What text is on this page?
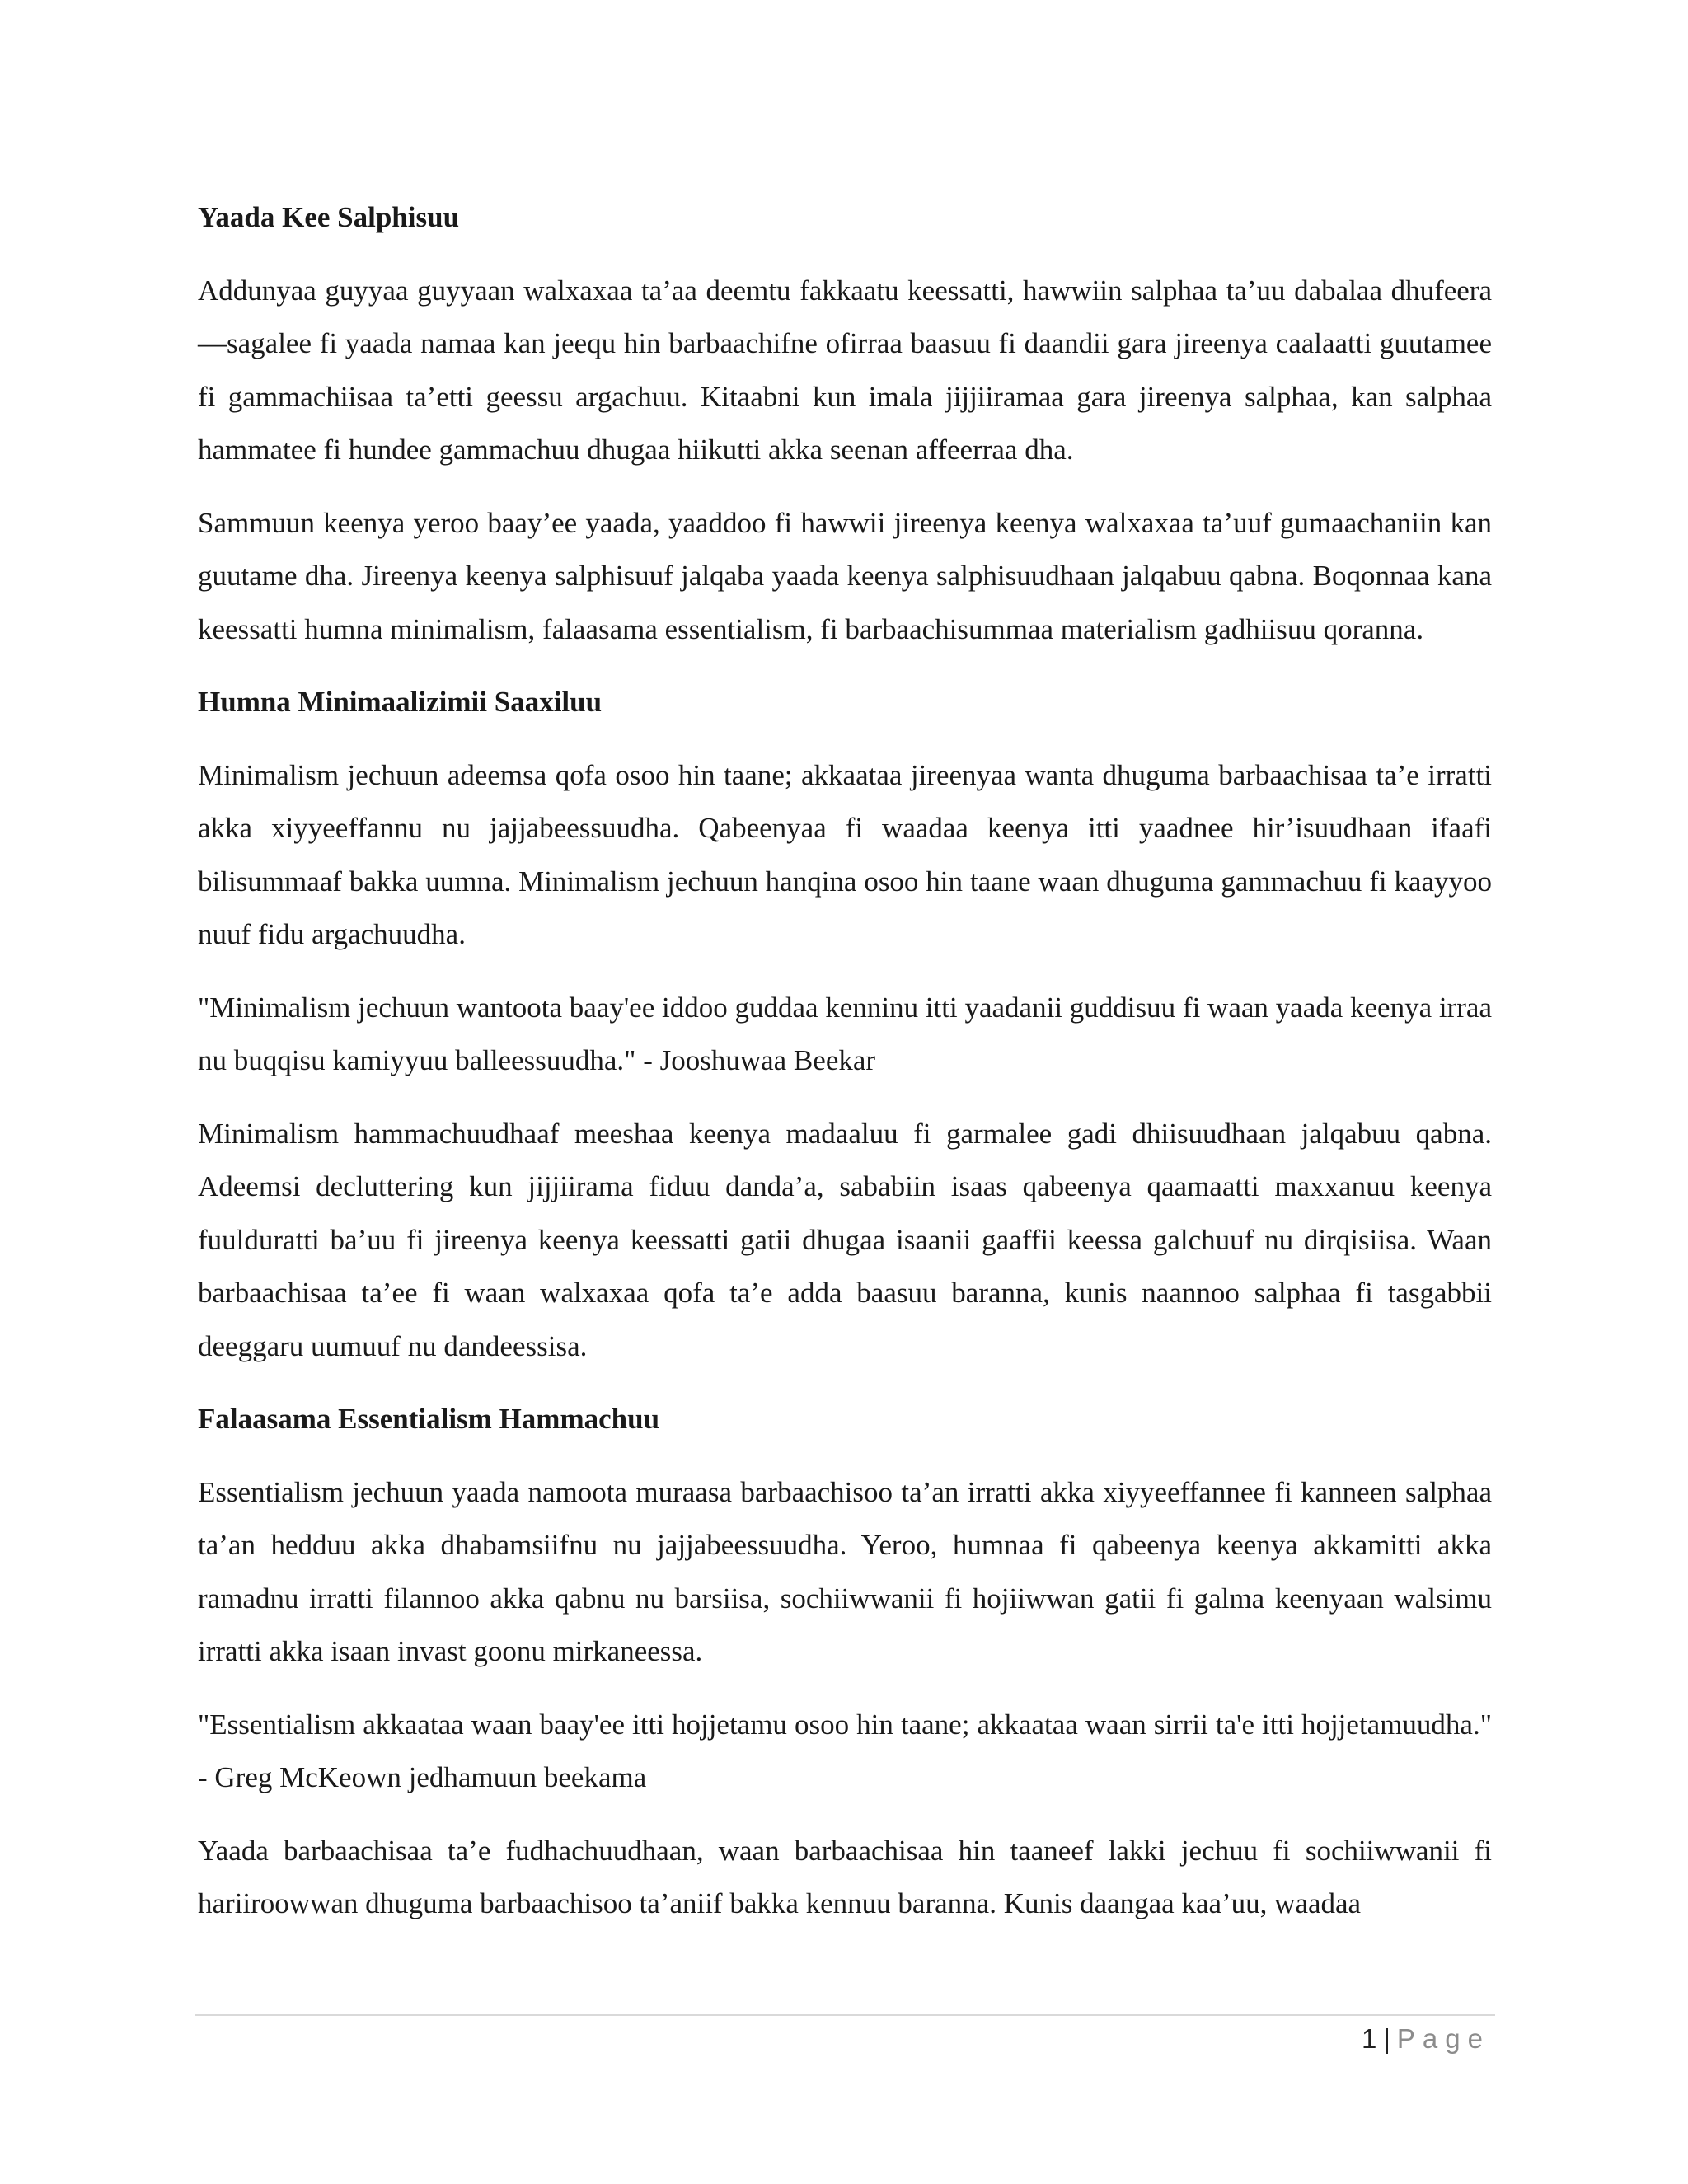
Yaada Kee Salphisuu

Addunyaa guyyaa guyyaan walxaxaa ta’aa deemtu fakkaatu keessatti, hawwiin salphaa ta’uu dabalaa dhufeera—sagalee fi yaada namaa kan jeequ hin barbaachifne ofirraa baasuu fi daandii gara jireenya caalaatti guutamee fi gammachiisaa ta’etti geessu argachuu. Kitaabni kun imala jijjiiramaa gara jireenya salphaa, kan salphaa hammatee fi hundee gammachuu dhugaa hiikutti akka seenan affeerraa dha.

Sammuun keenya yeroo baay’ee yaada, yaaddoo fi hawwii jireenya keenya walxaxaa ta’uuf gumaachaniin kan guutame dha. Jireenya keenya salphisuuf jalqaba yaada keenya salphisuudhaan jalqabuu qabna. Boqonnaa kana keessatti humna minimalism, falaasama essentialism, fi barbaachisummaa materialism gadhiisuu qoranna.

Humna Minimaalizimii Saaxiluu

Minimalism jechuun adeemsa qofa osoo hin taane; akkaataa jireenyaa wanta dhuguma barbaachisaa ta’e irratti akka xiyyeeffannu nu jajjabeessuudha. Qabeenyaa fi waadaa keenya itti yaadnee hir’isuudhaan ifaafi bilisummaaf bakka uumna. Minimalism jechuun hanqina osoo hin taane waan dhuguma gammachuu fi kaayyoo nuuf fidu argachuudha.

"Minimalism jechuun wantoota baay'ee iddoo guddaa kenninu itti yaadanii guddisuu fi waan yaada keenya irraa nu buqqisu kamiyyuu balleessuudha." - Jooshuwaa Beekar

Minimalism hammachuudhaaf meeshaa keenya madaaluu fi garmalee gadi dhiisuudhaan jalqabuu qabna. Adeemsi decluttering kun jijjiirama fiduu danda’a, sababiin isaas qabeenya qaamaatti maxxanuu keenya fuulduratti ba’uu fi jireenya keenya keessatti gatii dhugaa isaanii gaaffii keessa galchuuf nu dirqisiisa. Waan barbaachisaa ta’ee fi waan walxaxaa qofa ta’e adda baasuu baranna, kunis naannoo salphaa fi tasgabbii deeggaru uumuuf nu dandeessisa.

Falaasama Essentialism Hammachuu

Essentialism jechuun yaada namoota muraasa barbaachisoo ta’an irratti akka xiyyeeffannee fi kanneen salphaa ta’an hedduu akka dhabamsiifnu nu jajjabeessuudha. Yeroo, humnaa fi qabeenya keenya akkamitti akka ramadnu irratti filannoo akka qabnu nu barsiisa, sochiiwwanii fi hojiiwwan gatii fi galma keenyaan walsimu irratti akka isaan invast goonu mirkaneessa.

"Essentialism akkaataa waan baay'ee itti hojjetamu osoo hin taane; akkaataa waan sirrii ta'e itti hojjetamuudha." - Greg McKeown jedhamuun beekama

Yaada barbaachisaa ta’e fudhachuudhaan, waan barbaachisaa hin taaneef lakki jechuu fi sochiiwwanii fi hariiroowwan dhuguma barbaachisoo ta’aniif bakka kennuu baranna. Kunis daangaa kaa’uu, waadaa

1 | Page
